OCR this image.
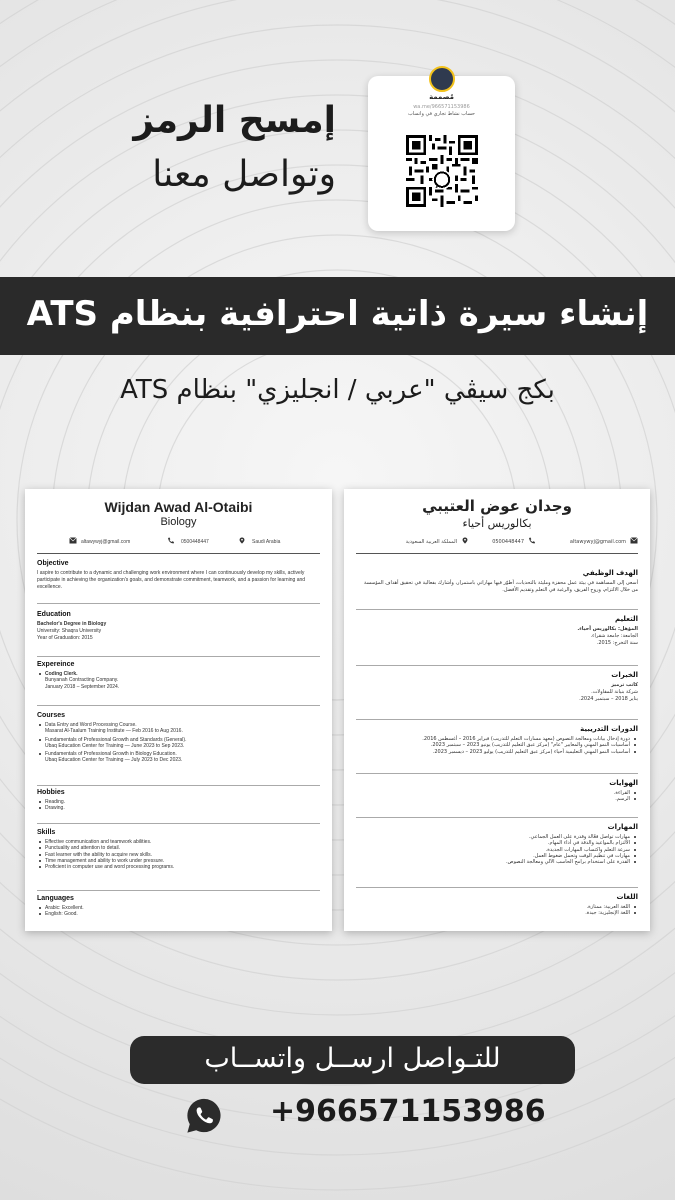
مُصممة
wa.me/966571153986
حساب نشاط تجاري في واتساب
إمسح الرمز
وتواصل معنا
إنشاء سيرة ذاتية احترافية بنظام ATS
بكج سيڤي "عربي / انجليزي" بنظام ATS
Wijdan Awad Al-Otaibi
Biology
altawywyj@gmail.com	0500448447	Saudi Arabia
Objective
I aspire to contribute to a dynamic and challenging work environment where I can continuously develop my skills, actively participate in achieving the organization's goals, and demonstrate commitment, teamwork, and a passion for learning and excellence.
Education
Bachelor's Degree in Biology
University: Shaqra University
Year of Graduation: 2015
Expereince
Coding Clerk.
Bunyanah Contracting Company.
January 2018 – September 2024.
Courses
Data Entry and Word Processing Course.
Masarat Al-Taalum Training Institute — Feb 2016 to Aug 2016.
Fundamentals of Professional Growth and Standards (General).
Ubaq Education Center for Training — June 2023 to Sep 2023.
Fundamentals of Professional Growth in Biology Education.
Ubaq Education Center for Training — July 2023 to Dec 2023.
Hobbies
Reading.
Drawing.
Skills
Effective communication and teamwork abilities.
Punctuality and attention to detail.
Fast learner with the ability to acquire new skills.
Time management and ability to work under pressure.
Proficient in computer use and word processing programs.
Languages
Arabic: Excellent.
English: Good.
وجدان عوض العتيبي
بكالوريس أحياء
altawywyj@gmail.com
0500448447
المملكة العربية السعودية
الهدف الوظيفي
أسعى إلى المساهمة في بيئة عمل محفزة ومليئة بالتحديات، أطوّر فيها مهاراتي باستمرار، وأشارك بفعالية في تحقيق أهداف المؤسسة من خلال الالتزام، وروح الفريق، والرغبة في التعلم وتقديم الأفضل.
التعليم
المؤهل: بكالوريس أحياء.
الجامعة: جامعة شقراء.
سنة التخرج: 2015.
الخبرات
كاتب ترميز
شركة بنيانة للمقاولات.
يناير 2018 – سبتمبر 2024.
الدورات التدريبية
دورة إدخال بيانات ومعالجة النصوص (معهد مسارات التعلم للتدريب) فبراير 2016 – أغسطس 2016.
أساسيات النمو المهني والمعايير "عام" (مركز عبق التعليم للتدريب) يونيو 2023 – سبتمبر 2023.
أساسيات النمو المهني التعليمية أحياء (مركز عبق التعليم للتدريب) يوليو 2023 – ديسمبر 2023.
الهوايات
القراءة.
الرسم.
المهارات
مهارات تواصل فعّالة وقدرة على العمل الجماعي.
الالتزام بالمواعيد والدقة في أداء المهام.
سرعة التعلم واكتساب المهارات الجديدة.
مهارات في تنظيم الوقت وتحمل ضغوط العمل.
القدرة على استخدام برامج الحاسب الآلي ومعالجة النصوص.
اللغات
اللغة العربية: ممتازة.
اللغة الإنجليزية: جيدة.
للتـواصل ارســل واتســاب
+966571153986
